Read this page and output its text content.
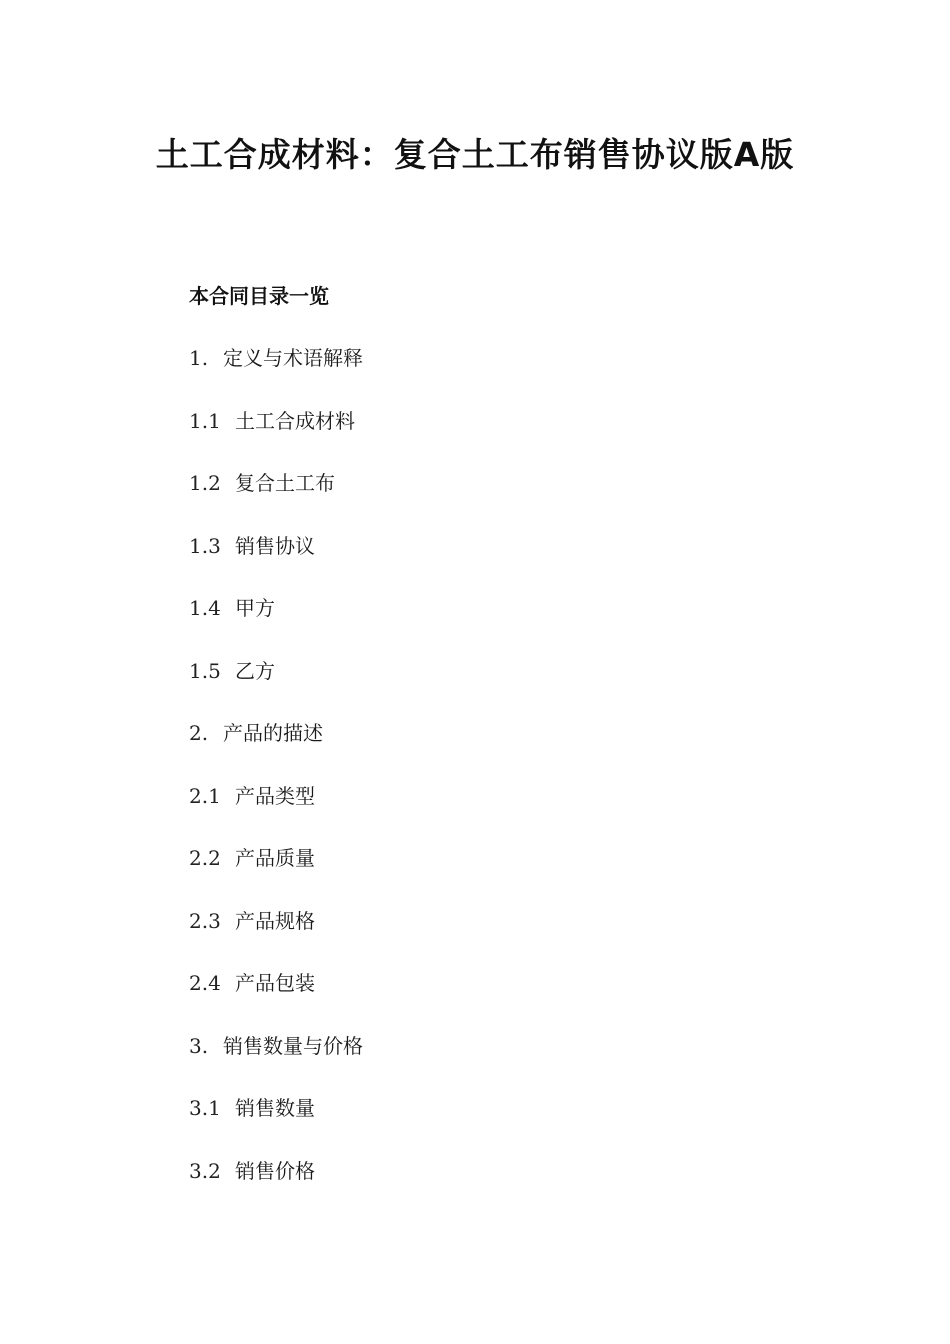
土工合成材料：复合土工布销售协议版A版
本合同目录一览
1. 定义与术语解释
1.1 土工合成材料
1.2 复合土工布
1.3 销售协议
1.4 甲方
1.5 乙方
2. 产品的描述
2.1 产品类型
2.2 产品质量
2.3 产品规格
2.4 产品包装
3. 销售数量与价格
3.1 销售数量
3.2 销售价格
